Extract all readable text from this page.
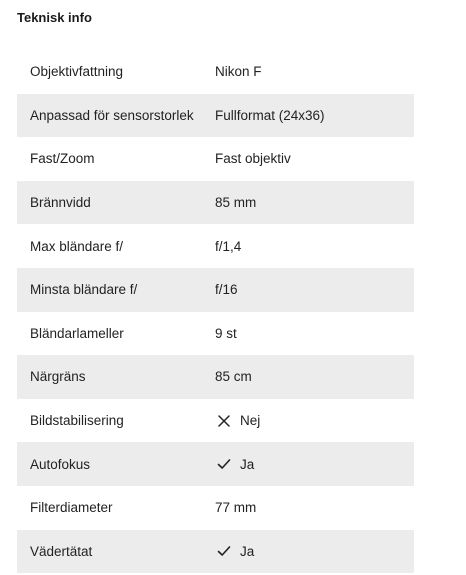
Teknisk info
Objektivfattning	Nikon F
Anpassad för sensorstorlek	Fullformat (24x36)
Fast/Zoom	Fast objektiv
Brännvidd	85 mm
Max bländare f/	f/1,4
Minsta bländare f/	f/16
Bländarlameller	9 st
Närgräns	85 cm
Bildstabilisering	Nej
Autofokus	Ja
Filterdiameter	77 mm
Vädertätat	Ja
